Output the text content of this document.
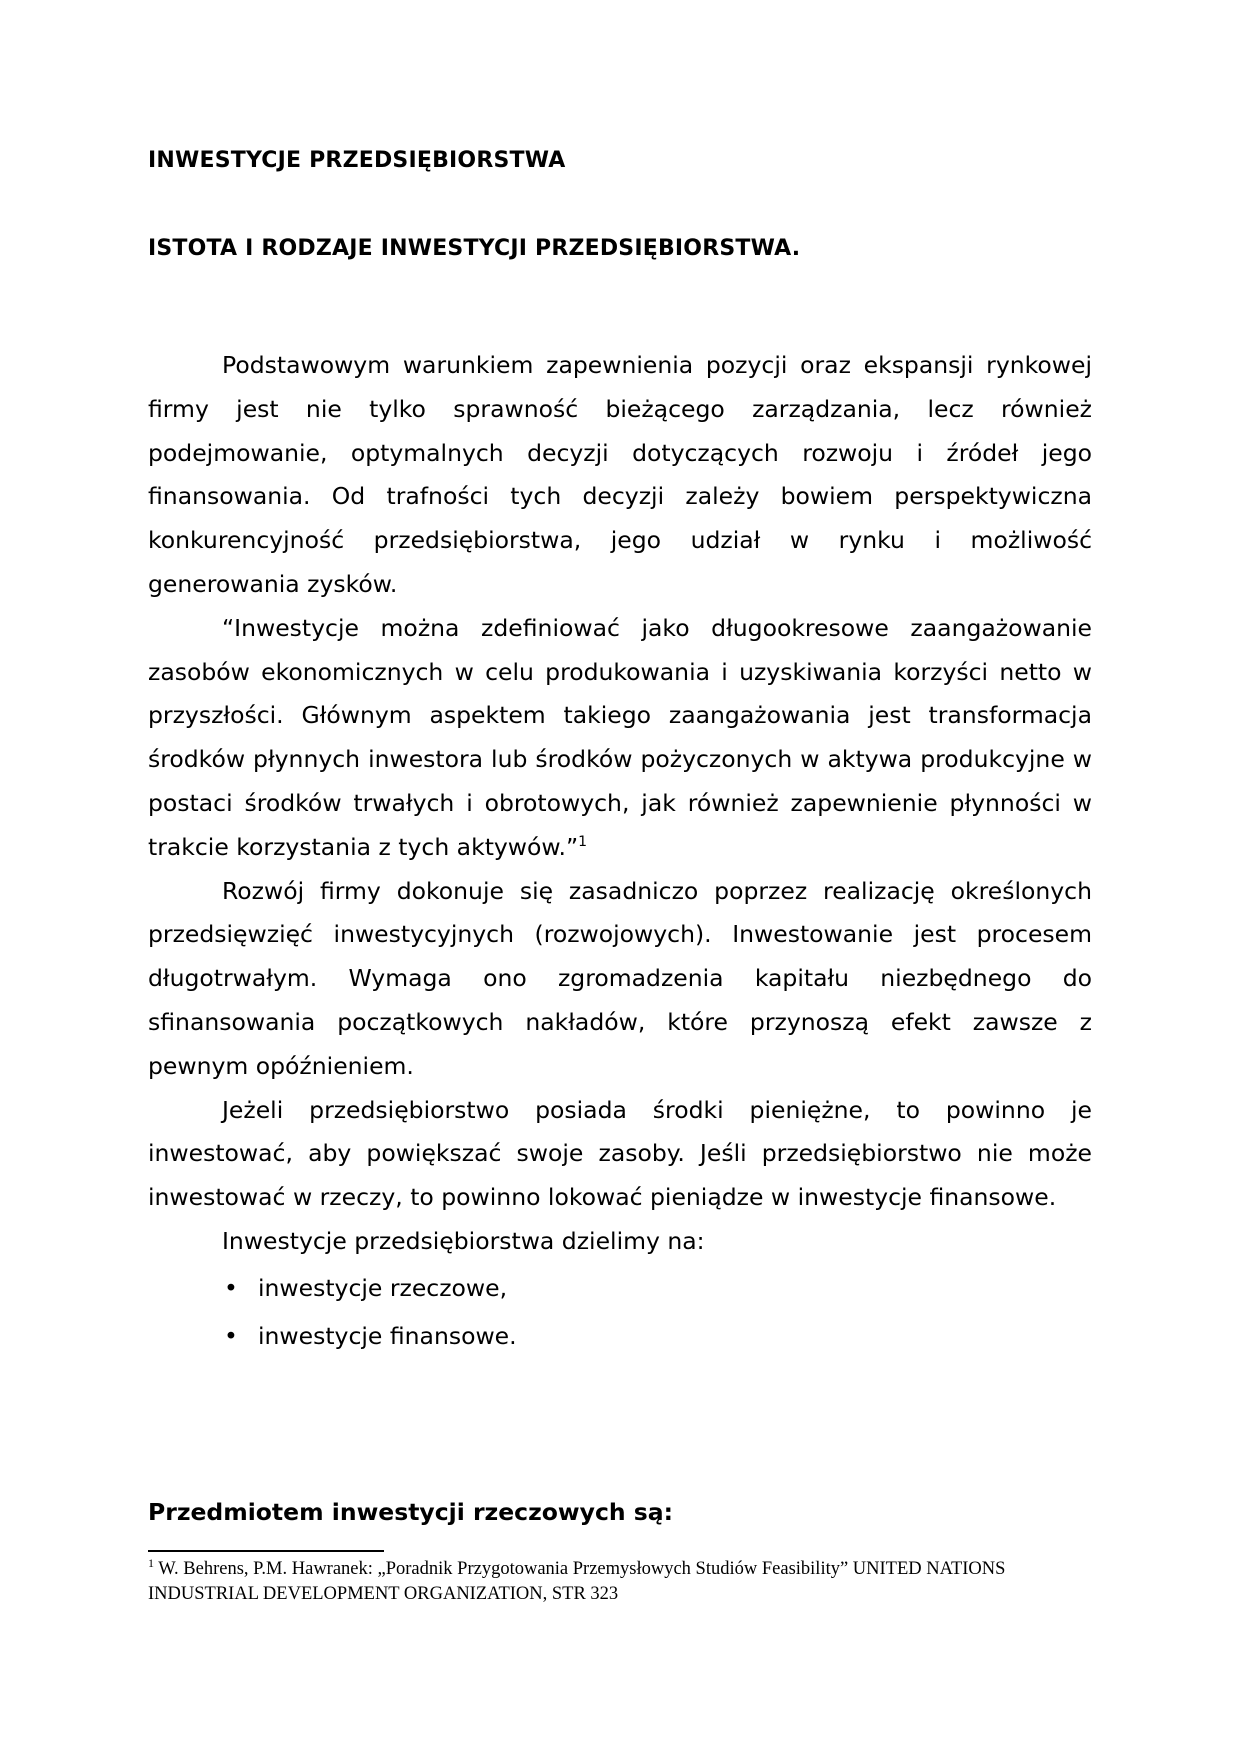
INWESTYCJE PRZEDSIĘBIORSTWA
ISTOTA I RODZAJE INWESTYCJI PRZEDSIĘBIORSTWA.

Podstawowym warunkiem zapewnienia pozycji oraz ekspansji rynkowej firmy jest nie tylko sprawność bieżącego zarządzania, lecz również podejmowanie, optymalnych decyzji dotyczących rozwoju i źródeł jego finansowania. Od trafności tych decyzji zależy bowiem perspektywiczna konkurencyjność przedsiębiorstwa, jego udział w rynku i możliwość generowania zysków.

“Inwestycje można zdefiniować jako długookresowe zaangażowanie zasobów ekonomicznych w celu produkowania i uzyskiwania korzyści netto w przyszłości. Głównym aspektem takiego zaangażowania jest transformacja środków płynnych inwestora lub środków pożyczonych w aktywa produkcyjne w postaci środków trwałych i obrotowych, jak również zapewnienie płynności w trakcie korzystania z tych aktywów.”$^1$

Rozwój firmy dokonuje się zasadniczo poprzez realizację określonych przedsięwzięć inwestycyjnych (rozwojowych). Inwestowanie jest procesem długotrwałym. Wymaga ono zgromadzenia kapitału niezbędnego do sfinansowania początkowych nakładów, które przynoszą efekt zawsze z pewnym opóźnieniem.

Jeżeli przedsiębiorstwo posiada środki pieniężne, to powinno je inwestować, aby powiększać swoje zasoby. Jeśli przedsiębiorstwo nie może inwestować w rzeczy, to powinno lokować pieniądze w inwestycje finansowe.

Inwestycje przedsiębiorstwa dzielimy na:

• inwestycje rzeczowe,
• inwestycje finansowe.
Przedmiotem inwestycji rzeczowych są:
$^1$ W. Behrens, P.M. Hawranek: „Poradnik Przygotowania Przemysłowych Studiów Feasibility” UNITED NATIONS INDUSTRIAL DEVELOPMENT ORGANIZATION, STR 323
